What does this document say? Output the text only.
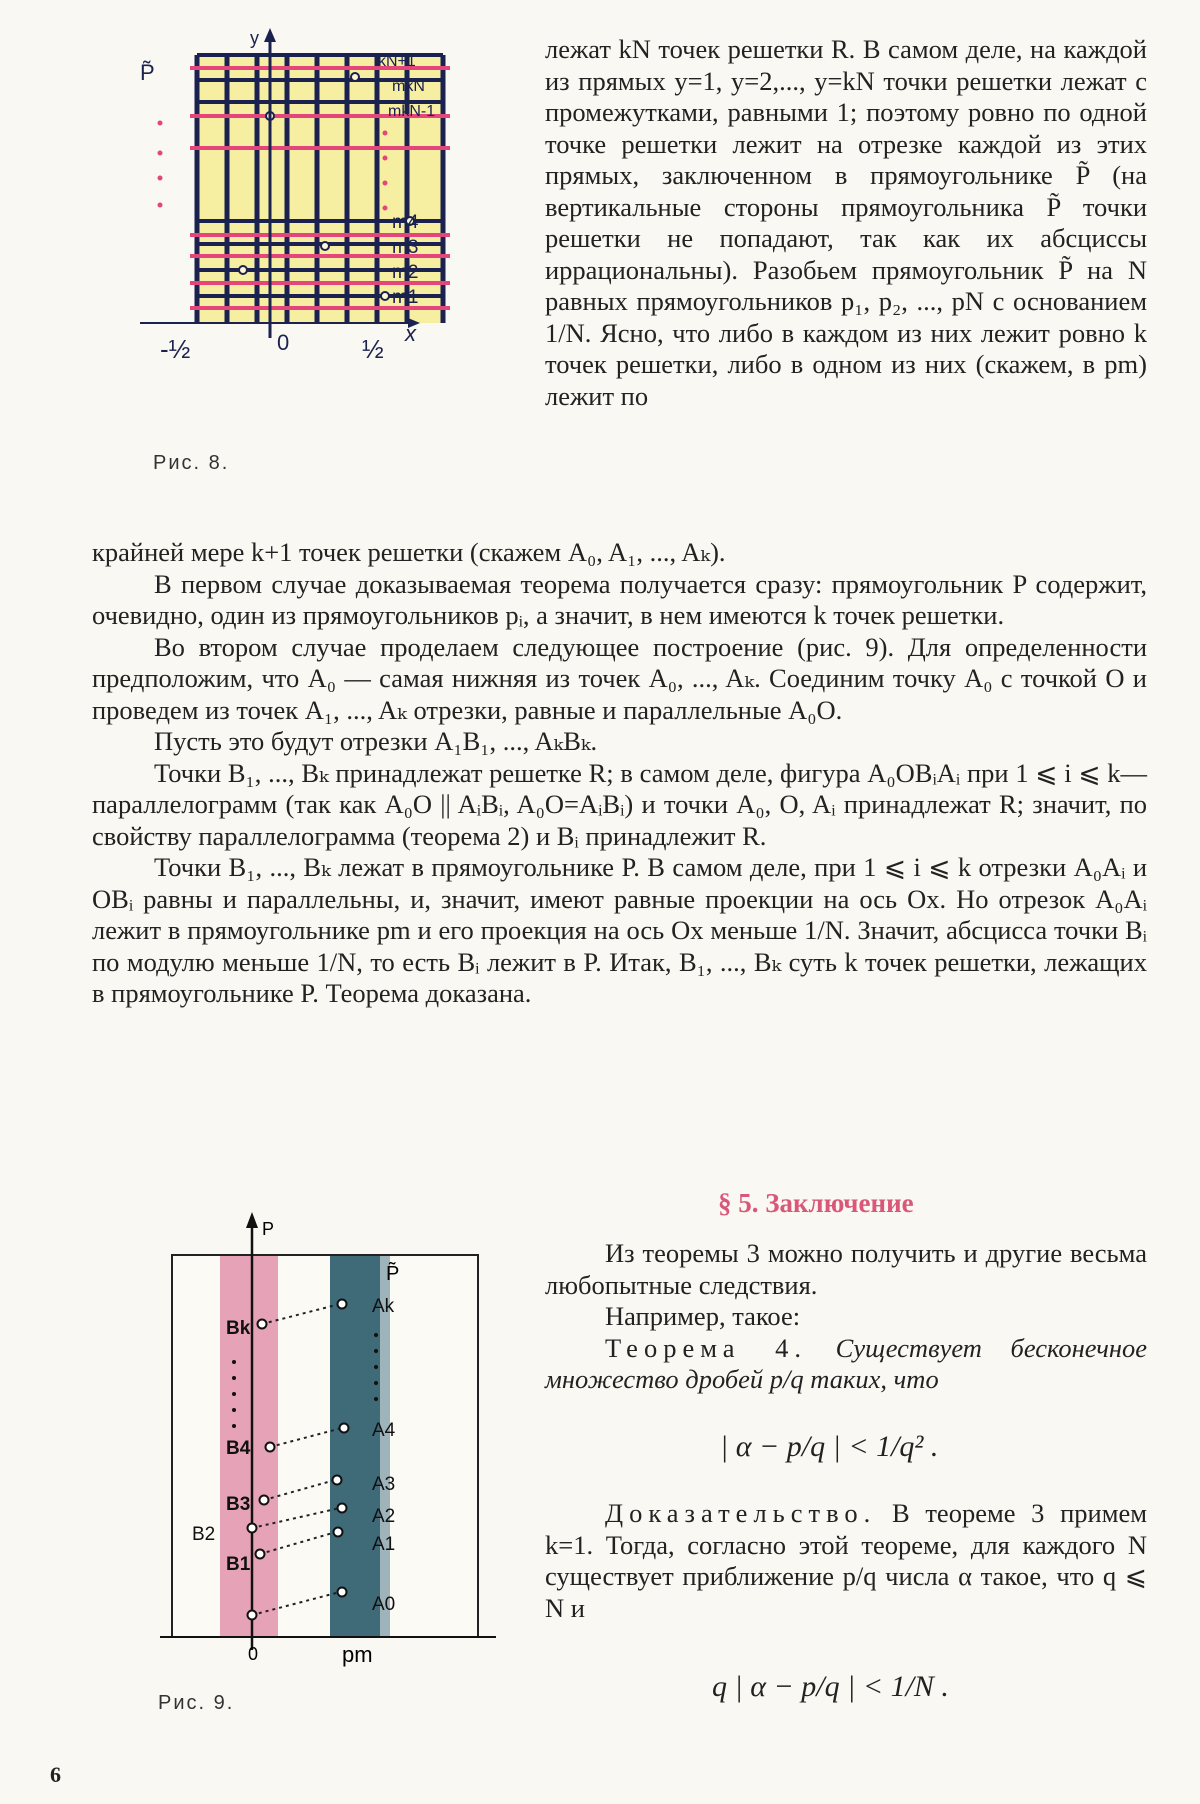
P̃
y
x
-½	0	½
kN+1
mkN
mkN-1
m4
m3
m2
m1
Рис. 8.
лежат kN точек решетки R. В самом деле, на каждой из прямых y=1, y=2,..., y=kN точки решетки лежат с промежутками, равными 1; поэтому ровно по одной точке решетки лежит на отрезке каждой из этих прямых, заключенном в прямоугольнике P̃ (на вертикальные стороны прямоугольника P̃ точки решетки не попадают, так как их абсциссы иррациональны). Разобьем прямоугольник P̃ на N равных прямоугольников p₁, p₂, ..., pN с основанием 1/N. Ясно, что либо в каждом из них лежит ровно k точек решетки, либо в одном из них (скажем, в pm) лежит по

крайней мере k+1 точек решетки (скажем A₀, A₁, ..., Aₖ).

В первом случае доказываемая теорема получается сразу: прямоугольник P содержит, очевидно, один из прямоугольников pᵢ, а значит, в нем имеются k точек решетки.

Во втором случае проделаем следующее построение (рис. 9). Для определенности предположим, что A₀ — самая нижняя из точек A₀, ..., Aₖ. Соединим точку A₀ с точкой O и проведем из точек A₁, ..., Aₖ отрезки, равные и параллельные A₀O.

Пусть это будут отрезки A₁B₁, ..., AₖBₖ.

Точки B₁, ..., Bₖ принадлежат решетке R; в самом деле, фигура A₀OBᵢAᵢ при 1 ⩽ i ⩽ k—параллелограмм (так как A₀O || AᵢBᵢ, A₀O=AᵢBᵢ) и точки A₀, O, Aᵢ принадлежат R; значит, по свойству параллелограмма (теорема 2) и Bᵢ принадлежит R.

Точки B₁, ..., Bₖ лежат в прямоугольнике P. В самом деле, при 1 ⩽ i ⩽ k отрезки A₀Aᵢ и OBᵢ равны и параллельны, и, значит, имеют равные проекции на ось Ox. Но отрезок A₀Aᵢ лежит в прямоугольнике pm и его проекция на ось Ox меньше 1/N. Значит, абсцисса точки Bᵢ по модулю меньше 1/N, то есть Bᵢ лежит в P. Итак, B₁, ..., Bₖ суть k точек решетки, лежащих в прямоугольнике P. Теорема доказана.

§ 5. Заключение

Из теоремы 3 можно получить и другие весьма любопытные следствия.

Например, такое:

Теорема 4. Существует бесконечное множество дробей p/q таких, что

| α − p/q | < 1/q² .

Доказательство. В теореме 3 примем k=1. Тогда, согласно этой теореме, для каждого N существует приближение p/q числа α такое, что q ⩽ N и

q | α − p/q | < 1/N .
P
P̃
0	pm
Ak
A4
A3
A2
A1
A0
Bk
B4
B3
B2
B1
Рис. 9.
6
